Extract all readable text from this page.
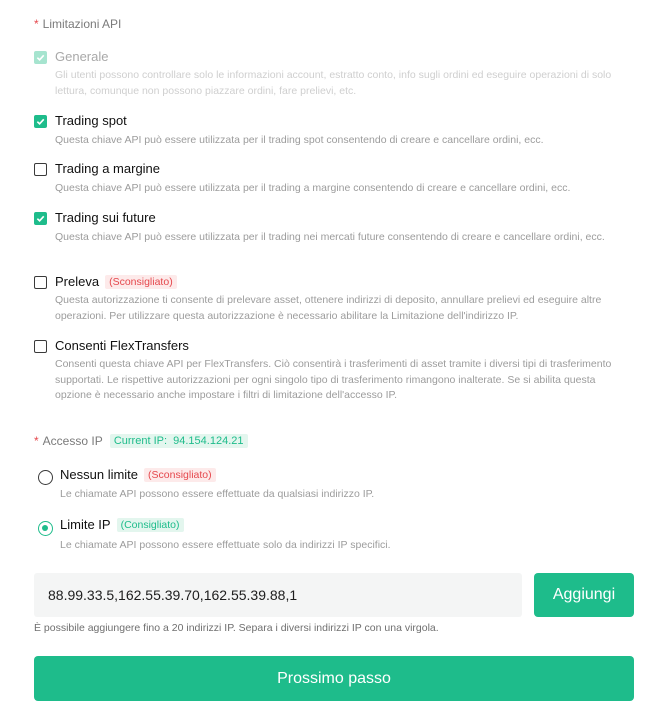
* Limitazioni API
Generale
Gli utenti possono controllare solo le informazioni account, estratto conto, info sugli ordini ed eseguire operazioni di solo lettura, comunque non possono piazzare ordini, fare prelievi, etc.
Trading spot
Questa chiave API può essere utilizzata per il trading spot consentendo di creare e cancellare ordini, ecc.
Trading a margine
Questa chiave API può essere utilizzata per il trading a margine consentendo di creare e cancellare ordini, ecc.
Trading sui future
Questa chiave API può essere utilizzata per il trading nei mercati future consentendo di creare e cancellare ordini, ecc.
Preleva (Sconsigliato)
Questa autorizzazione ti consente di prelevare asset, ottenere indirizzi di deposito, annullare prelievi ed eseguire altre operazioni. Per utilizzare questa autorizzazione è necessario abilitare la Limitazione dell'indirizzo IP.
Consenti FlexTransfers
Consenti questa chiave API per FlexTransfers. Ciò consentirà i trasferimenti di asset tramite i diversi tipi di trasferimento supportati. Le rispettive autorizzazioni per ogni singolo tipo di trasferimento rimangono inalterate. Se si abilita questa opzione è necessario anche impostare i filtri di limitazione dell'accesso IP.
* Accesso IP Current IP: 94.154.124.21
Nessun limite (Sconsigliato)
Le chiamate API possono essere effettuate da qualsiasi indirizzo IP.
Limite IP (Consigliato)
Le chiamate API possono essere effettuate solo da indirizzi IP specifici.
88.99.33.5,162.55.39.70,162.55.39.88,1
Aggiungi
È possibile aggiungere fino a 20 indirizzi IP. Separa i diversi indirizzi IP con una virgola.
Prossimo passo
